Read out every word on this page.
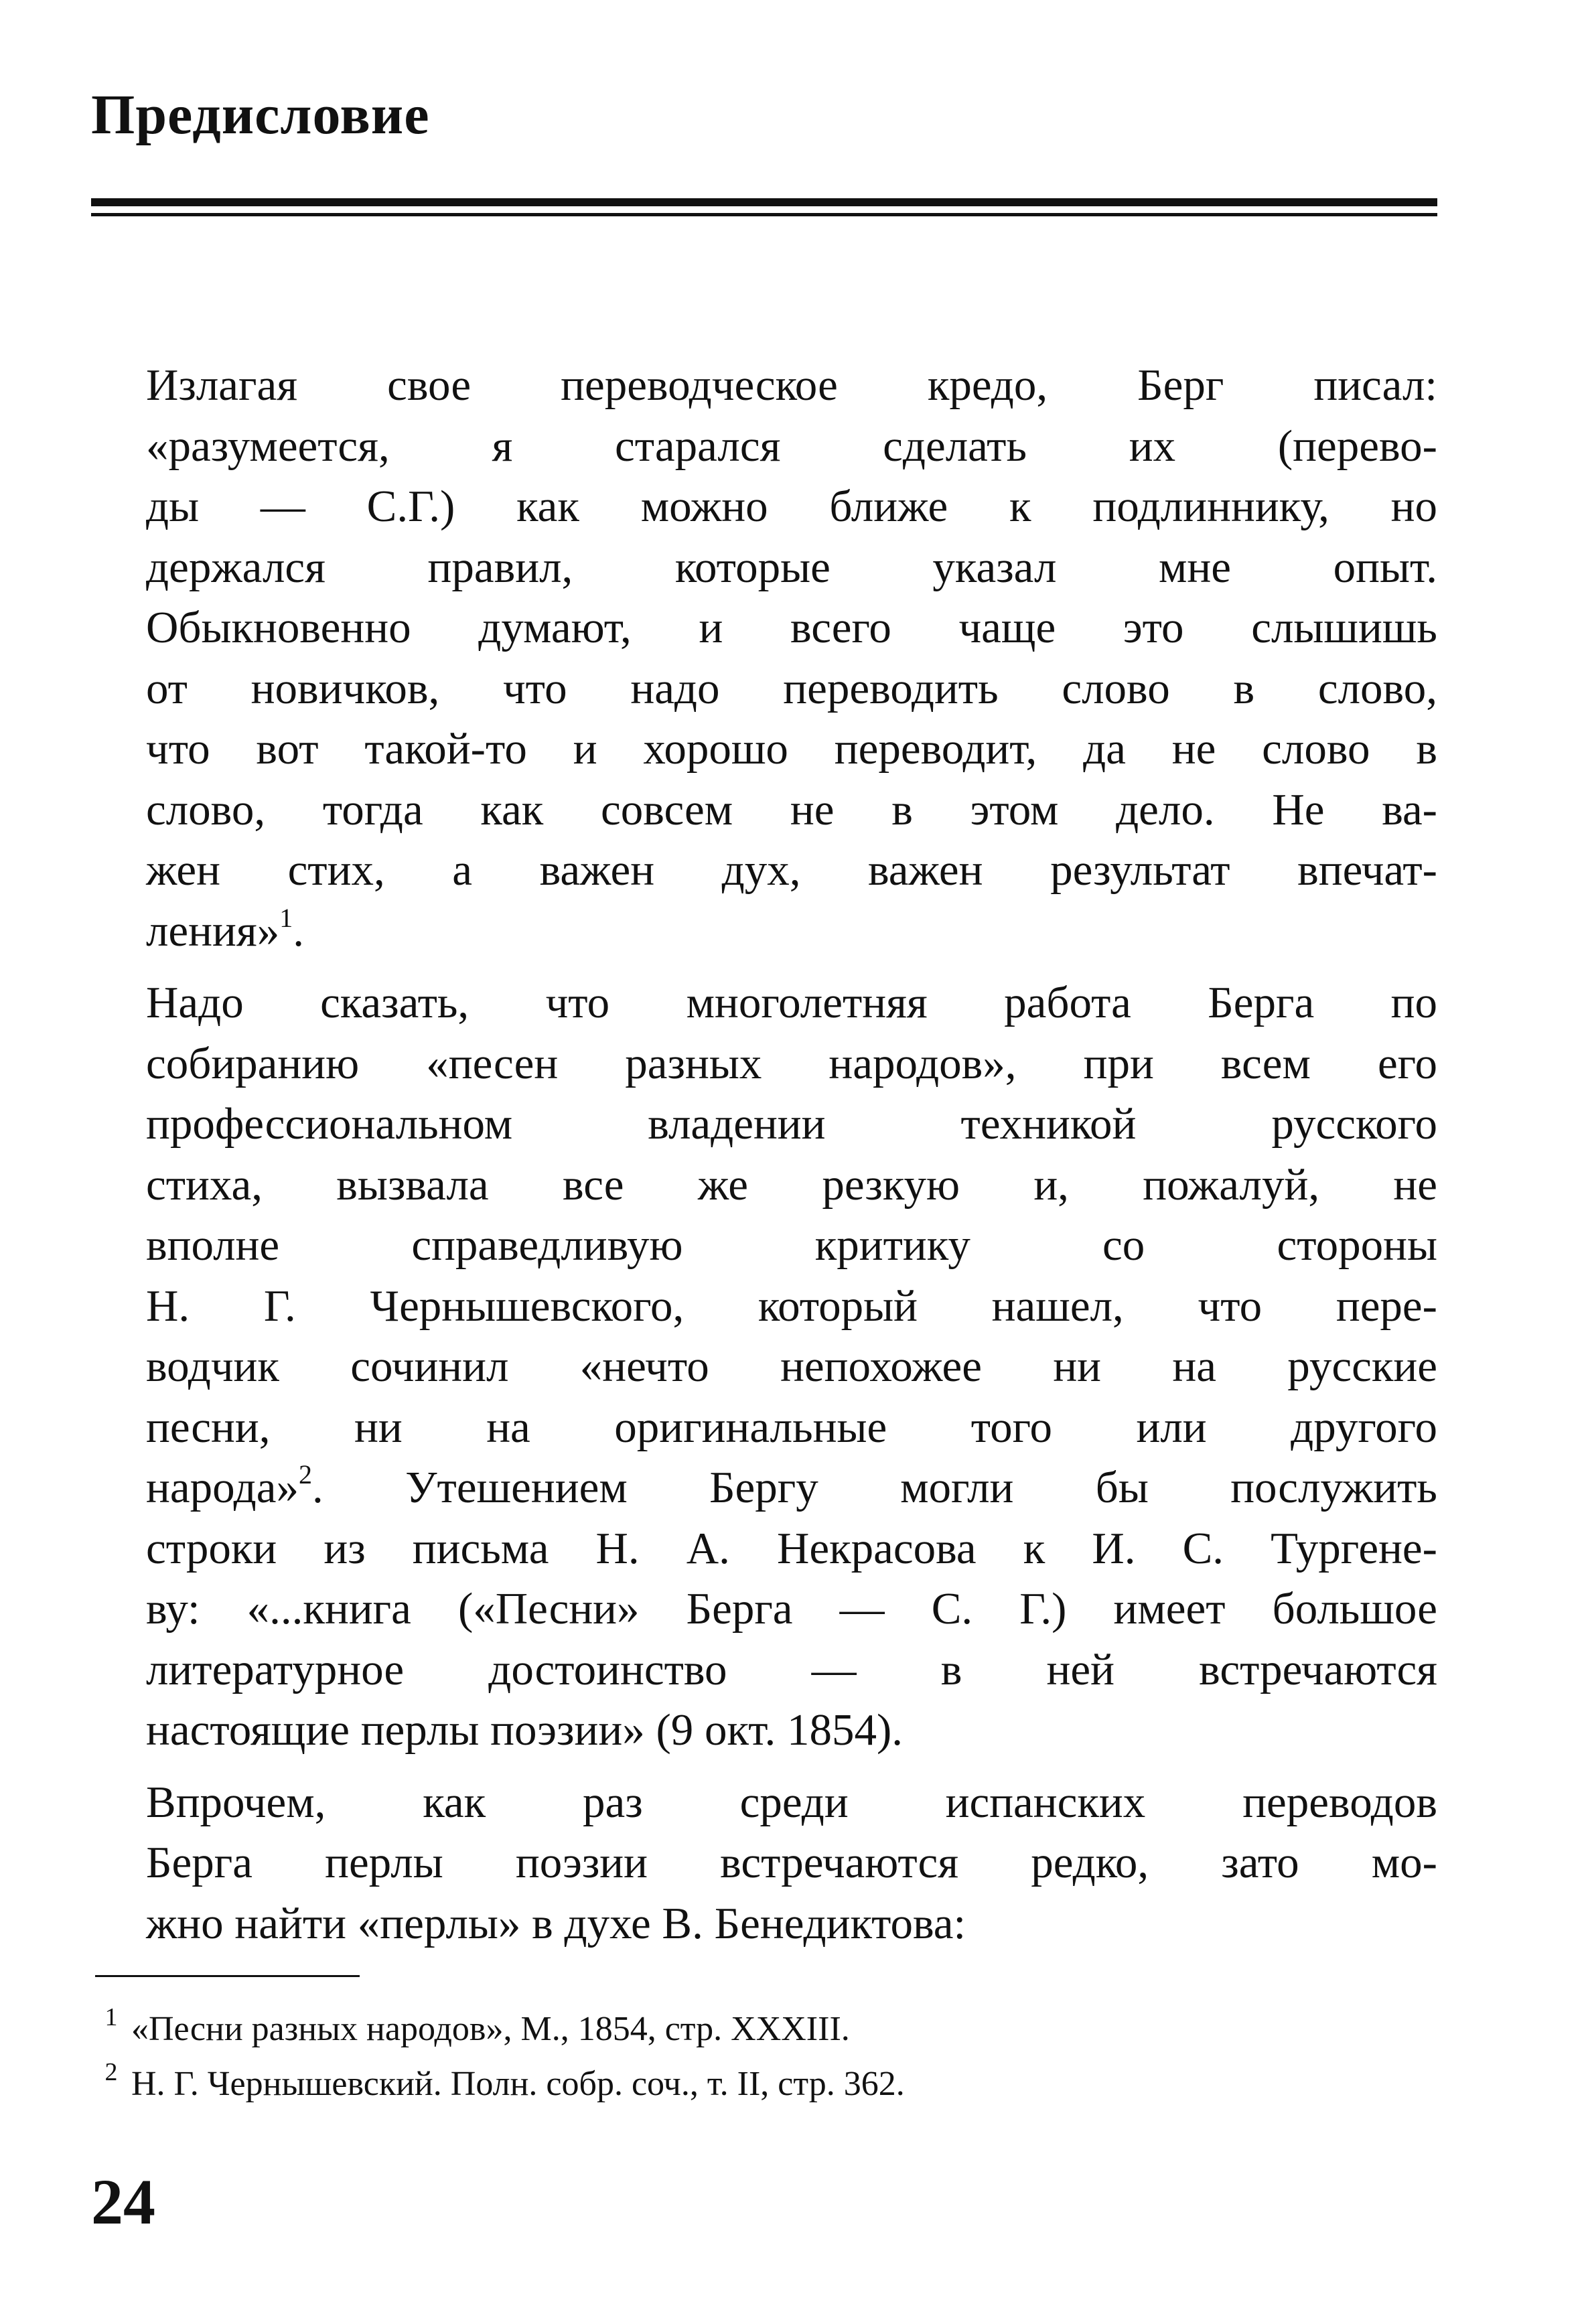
Предисловие

Излагая свое переводческое кредо, Берг писал:
«разумеется, я старался сделать их (перево-
ды — С.Г.) как можно ближе к подлиннику, но
держался правил, которые указал мне опыт.
Обыкновенно думают, и всего чаще это слышишь
от новичков, что надо переводить слово в слово,
что вот такой-то и хорошо переводит, да не слово в
слово, тогда как совсем не в этом дело. Не ва-
жен стих, а важен дух, важен результат впечат-
ления»$^1$.

Надо сказать, что многолетняя работа Берга по
собиранию «песен разных народов», при всем его
профессиональном владении техникой русского
стиха, вызвала все же резкую и, пожалуй, не
вполне справедливую критику со стороны
Н. Г. Чернышевского, который нашел, что пере-
водчик сочинил «нечто непохожее ни на русские
песни, ни на оригинальные того или другого
народа»$^2$. Утешением Бергу могли бы послужить
строки из письма Н. А. Некрасова к И. С. Тургене-
ву: «...книга («Песни» Берга — С. Г.) имеет большое
литературное достоинство — в ней встречаются
настоящие перлы поэзии» (9 окт. 1854).

Впрочем, как раз среди испанских переводов
Берга перлы поэзии встречаются редко, зато мо-
жно найти «перлы» в духе В. Бенедиктова:

1 «Песни разных народов», М., 1854, стр. XXXIII.
2 Н. Г. Чернышевский. Полн. собр. соч., т. II, стр. 362.
24
